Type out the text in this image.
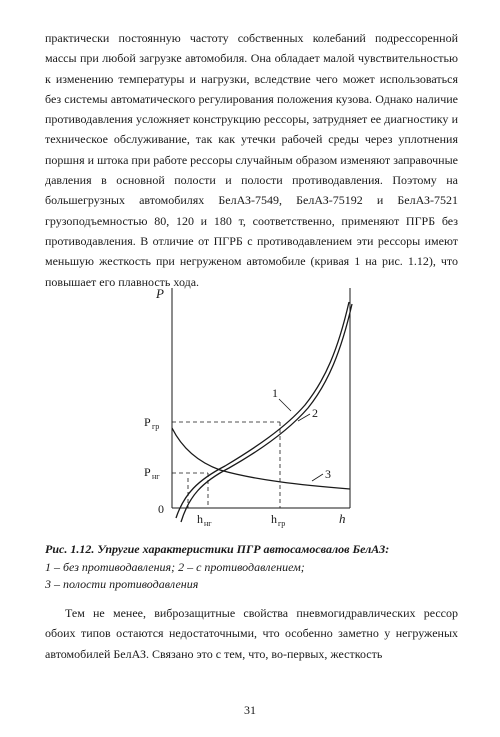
практически постоянную частоту собственных колебаний подрессоренной массы при любой загрузке автомобиля. Она обладает малой чувствительностью к изменению температуры и нагрузки, вследствие чего может использоваться без системы автоматического регулирования положения кузова. Однако наличие противодавления усложняет конструкцию рессоры, затрудняет ее диагностику и техническое обслуживание, так как утечки рабочей среды через уплотнения поршня и штока при работе рессоры случайным образом изменяют заправочные давления в основной полости и полости противодавления. Поэтому на большегрузных автомобилях БелАЗ-7549, БелАЗ-75192 и БелАЗ-7521 грузоподъемностью 80, 120 и 180 т, соответственно, применяют ПГРБ без противодавления. В отличие от ПГРБ с противодавлением эти рессоры имеют меньшую жесткость при негруженом автомобиле (кривая 1 на рис. 1.12), что повышает его плавность хода.

P
h
0
P гр
P нг
h нг	h гр
1
2
3
Рис. 1.12. Упругие характеристики ПГР автосамосвалов БелАЗ:
1 – без противодавления; 2 – с противодавлением;
3 – полости противодавления

Тем не менее, виброзащитные свойства пневмогидравлических рессор обоих типов остаются недостаточными, что особенно заметно у негруженых автомобилей БелАЗ. Связано это с тем, что, во-первых, жесткость

31
